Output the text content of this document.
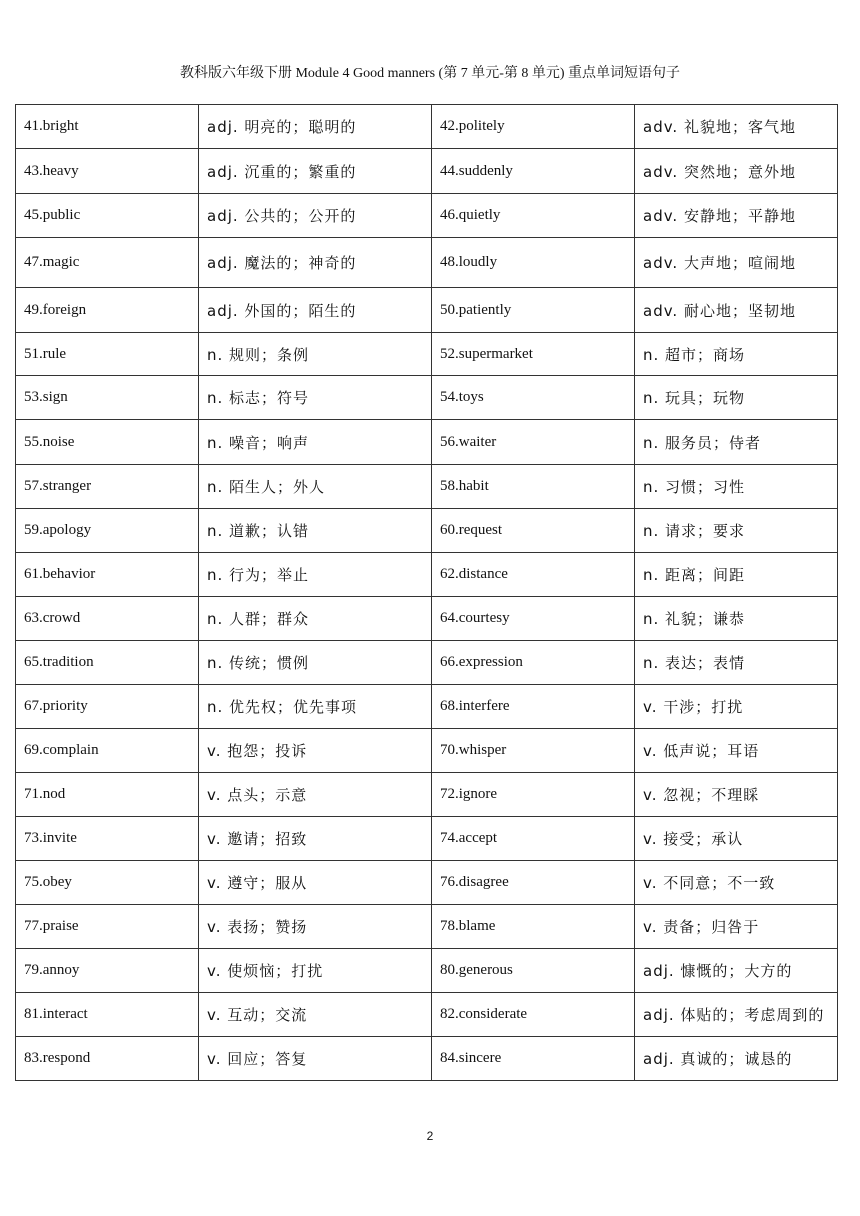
教科版六年级下册 Module 4 Good manners (第 7 单元-第 8 单元) 重点单词短语句子
41.bright	adj. 明亮的；聪明的	42.politely	adv. 礼貌地；客气地
43.heavy	adj. 沉重的；繁重的	44.suddenly	adv. 突然地；意外地
45.public	adj. 公共的；公开的	46.quietly	adv. 安静地；平静地
47.magic	adj. 魔法的；神奇的	48.loudly	adv. 大声地；喧闹地
49.foreign	adj. 外国的；陌生的	50.patiently	adv. 耐心地；坚韧地
51.rule	n. 规则；条例	52.supermarket	n. 超市；商场
53.sign	n. 标志；符号	54.toys	n. 玩具；玩物
55.noise	n. 噪音；响声	56.waiter	n. 服务员；侍者
57.stranger	n. 陌生人；外人	58.habit	n. 习惯；习性
59.apology	n. 道歉；认错	60.request	n. 请求；要求
61.behavior	n. 行为；举止	62.distance	n. 距离；间距
63.crowd	n. 人群；群众	64.courtesy	n. 礼貌；谦恭
65.tradition	n. 传统；惯例	66.expression	n. 表达；表情
67.priority	n. 优先权；优先事项	68.interfere	v. 干涉；打扰
69.complain	v. 抱怨；投诉	70.whisper	v. 低声说；耳语
71.nod	v. 点头；示意	72.ignore	v. 忽视；不理睬
73.invite	v. 邀请；招致	74.accept	v. 接受；承认
75.obey	v. 遵守；服从	76.disagree	v. 不同意；不一致
77.praise	v. 表扬；赞扬	78.blame	v. 责备；归咎于
79.annoy	v. 使烦恼；打扰	80.generous	adj. 慷慨的；大方的
81.interact	v. 互动；交流	82.considerate	adj. 体贴的；考虑周到的
83.respond	v. 回应；答复	84.sincere	adj. 真诚的；诚恳的
2
